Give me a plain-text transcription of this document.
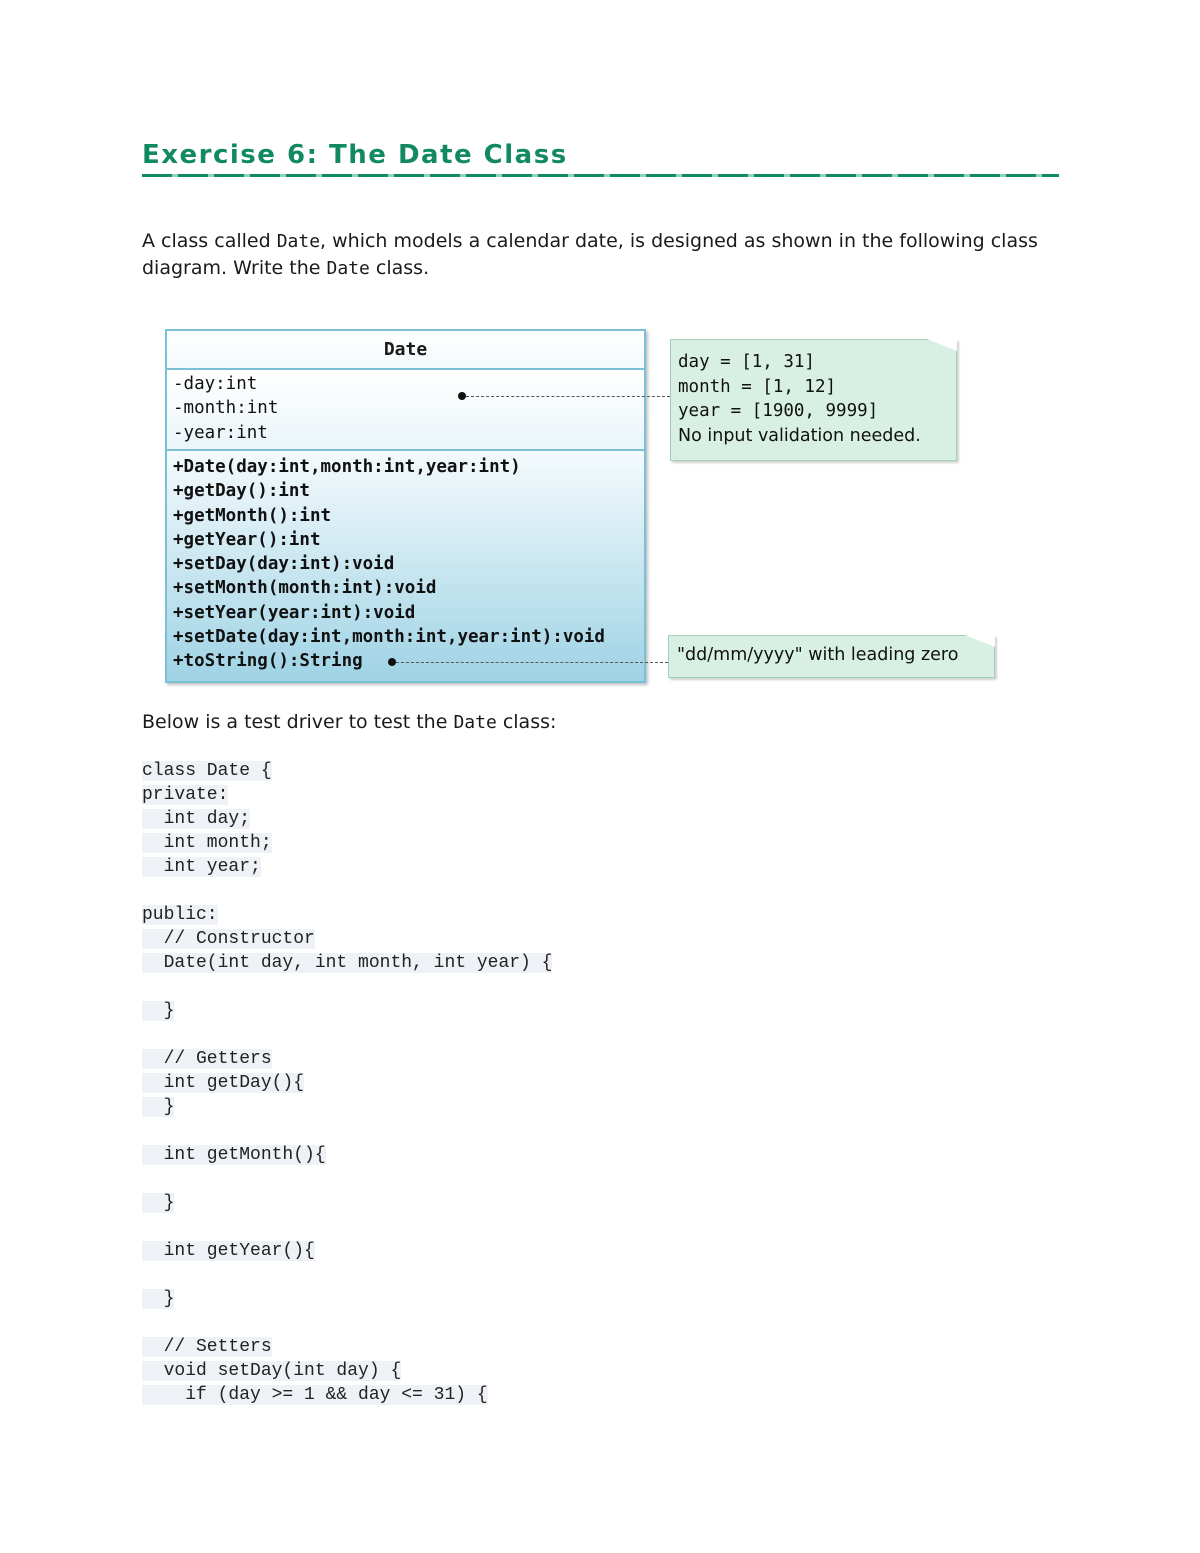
Exercise 6: The Date Class

A class called Date, which models a calendar date, is designed as shown in the following class diagram. Write the Date class.

Date
-day:int
-month:int
-year:int
+Date(day:int,month:int,year:int)
+getDay():int
+getMonth():int
+getYear():int
+setDay(day:int):void
+setMonth(month:int):void
+setYear(year:int):void
+setDate(day:int,month:int,year:int):void
+toString():String
day = [1, 31]
month = [1, 12]
year = [1900, 9999]
No input validation needed.
"dd/mm/yyyy" with leading zero

Below is a test driver to test the Date class:

class Date {
private:
int day;
int month;
int year;
public:
// Constructor
Date(int day, int month, int year) {
}
// Getters
int getDay(){
}
int getMonth(){
}
int getYear(){
}
// Setters
void setDay(int day) {
if (day >= 1 && day <= 31) {
